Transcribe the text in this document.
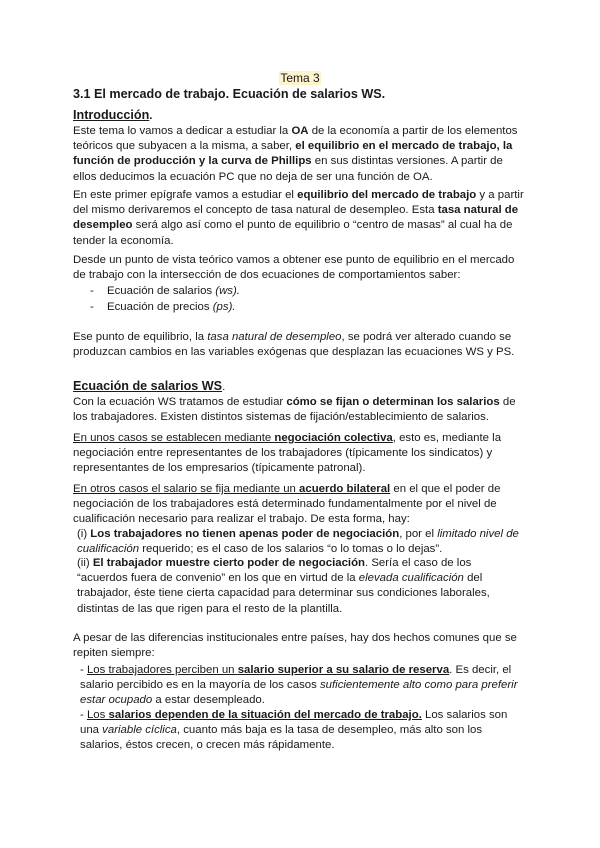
Tema 3

3.1 El mercado de trabajo. Ecuación de salarios WS.

Introducción.

Este tema lo vamos a dedicar a estudiar la OA de la economía a partir de los elementos teóricos que subyacen a la misma, a saber, el equilibrio en el mercado de trabajo, la función de producción y la curva de Phillips en sus distintas versiones. A partir de ellos deducimos la ecuación PC que no deja de ser una función de OA.

En este primer epígrafe vamos a estudiar el equilibrio del mercado de trabajo y a partir del mismo derivaremos el concepto de tasa natural de desempleo. Esta tasa natural de desempleo será algo así como el punto de equilibrio o “centro de masas” al cual ha de tender la economía.

Desde un punto de vista teórico vamos a obtener ese punto de equilibrio en el mercado de trabajo con la intersección de dos ecuaciones de comportamientos saber:

- Ecuación de salarios (ws).
- Ecuación de precios (ps).

Ese punto de equilibrio, la tasa natural de desempleo, se podrá ver alterado cuando se produzcan cambios en las variables exógenas que desplazan las ecuaciones WS y PS.

Ecuación de salarios WS.

Con la ecuación WS tratamos de estudiar cómo se fijan o determinan los salarios de los trabajadores. Existen distintos sistemas de fijación/establecimiento de salarios.

En unos casos se establecen mediante negociación colectiva, esto es, mediante la negociación entre representantes de los trabajadores (típicamente los sindicatos) y representantes de los empresarios (típicamente patronal).

En otros casos el salario se fija mediante un acuerdo bilateral en el que el poder de negociación de los trabajadores está determinado fundamentalmente por el nivel de cualificación necesario para realizar el trabajo. De esta forma, hay:

(i) Los trabajadores no tienen apenas poder de negociación, por el limitado nivel de cualificación requerido; es el caso de los salarios “o lo tomas o lo dejas”.
(ii) El trabajador muestre cierto poder de negociación. Sería el caso de los “acuerdos fuera de convenio” en los que en virtud de la elevada cualificación del trabajador, éste tiene cierta capacidad para determinar sus condiciones laborales, distintas de las que rigen para el resto de la plantilla.

A pesar de las diferencias institucionales entre países, hay dos hechos comunes que se repiten siempre:

- Los trabajadores perciben un salario superior a su salario de reserva. Es decir, el salario percibido es en la mayoría de los casos suficientemente alto como para preferir estar ocupado a estar desempleado.
- Los salarios dependen de la situación del mercado de trabajo. Los salarios son una variable cíclica, cuanto más baja es la tasa de desempleo, más alto son los salarios, éstos crecen, o crecen más rápidamente.
